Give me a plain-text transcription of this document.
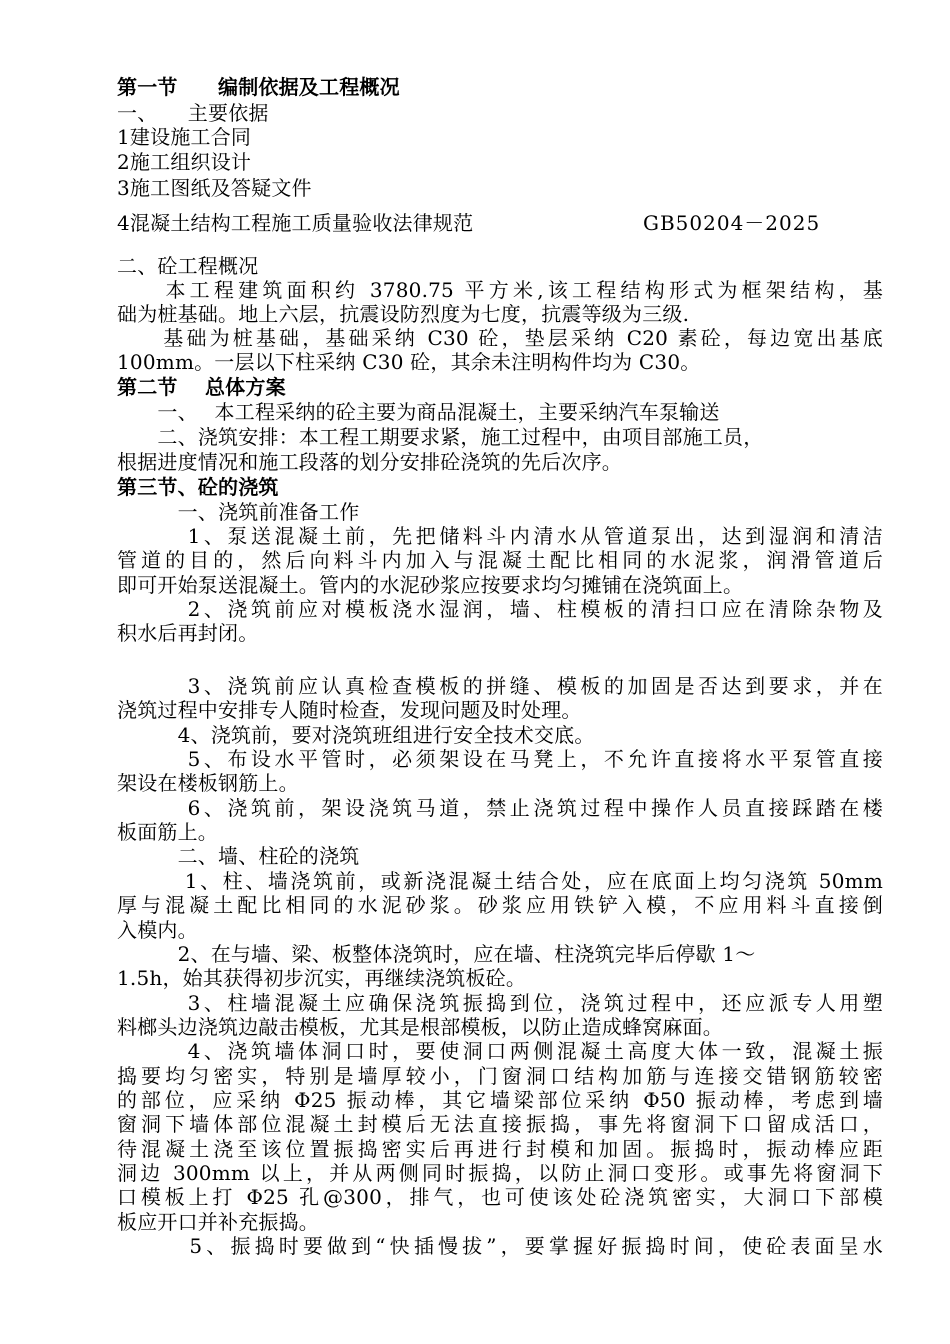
第一节　　编制依据及工程概况
一、　　主要依据
1建设施工合同
2施工组织设计
3施工图纸及答疑文件
4混凝土结构工程施工质量验收法律规范	GB50204－2025
二、砼工程概况
　　本工程建筑面积约 3780.75 平方米,该工程结构形式为框架结构，基
础为桩基础。地上六层，抗震设防烈度为七度，抗震等级为三级.
　　基础为桩基础，基础采纳 C30 砼，垫层采纳 C20 素砼，每边宽出基底
100mm。一层以下柱采纳 C30 砼，其余未注明构件均为 C30。
第二节　 总体方案
　　一、　 本工程采纳的砼主要为商品混凝土，主要采纳汽车泵输送
　　二、浇筑安排：本工程工期要求紧，施工过程中，由项目部施工员，
根据进度情况和施工段落的划分安排砼浇筑的先后次序。
第三节、砼的浇筑
　　　一、浇筑前准备工作
　　　1、泵送混凝土前，先把储料斗内清水从管道泵出，达到湿润和清洁
管道的目的，然后向料斗内加入与混凝土配比相同的水泥浆，润滑管道后
即可开始泵送混凝土。管内的水泥砂浆应按要求均匀摊铺在浇筑面上。
　　　2、浇筑前应对模板浇水湿润，墙、柱模板的清扫口应在清除杂物及
积水后再封闭。
　　　3、浇筑前应认真检查模板的拼缝、模板的加固是否达到要求，并在
浇筑过程中安排专人随时检查，发现问题及时处理。
　　　4、浇筑前，要对浇筑班组进行安全技术交底。
　　　5、布设水平管时，必须架设在马凳上，不允许直接将水平泵管直接
架设在楼板钢筋上。
　　　6、浇筑前，架设浇筑马道，禁止浇筑过程中操作人员直接踩踏在楼
板面筋上。
　　　二、墙、柱砼的浇筑
　　　1、柱、墙浇筑前，或新浇混凝土结合处，应在底面上均匀浇筑 50mm
厚与混凝土配比相同的水泥砂浆。砂浆应用铁铲入模，不应用料斗直接倒
入模内。
　　　2、在与墙、梁、板整体浇筑时，应在墙、柱浇筑完毕后停歇 1～
1.5h，始其获得初步沉实，再继续浇筑板砼。
　　　3、柱墙混凝土应确保浇筑振捣到位，浇筑过程中，还应派专人用塑
料榔头边浇筑边敲击模板，尤其是根部模板，以防止造成蜂窝麻面。
　　　4、浇筑墙体洞口时，要使洞口两侧混凝土高度大体一致，混凝土振
捣要均匀密实，特别是墙厚较小，门窗洞口结构加筋与连接交错钢筋较密
的部位，应采纳 Φ25 振动棒，其它墙梁部位采纳 Φ50 振动棒，考虑到墙
窗洞下墙体部位混凝土封模后无法直接振捣，事先将窗洞下口留成活口，
待混凝土浇至该位置振捣密实后再进行封模和加固。振捣时，振动棒应距
洞边 300mm 以上，并从两侧同时振捣，以防止洞口变形。或事先将窗洞下
口模板上打 Φ25 孔@300，排气，也可使该处砼浇筑密实，大洞口下部模
板应开口并补充振捣。
　　　5、振捣时要做到“快插慢拔”，要掌握好振捣时间，使砼表面呈水
